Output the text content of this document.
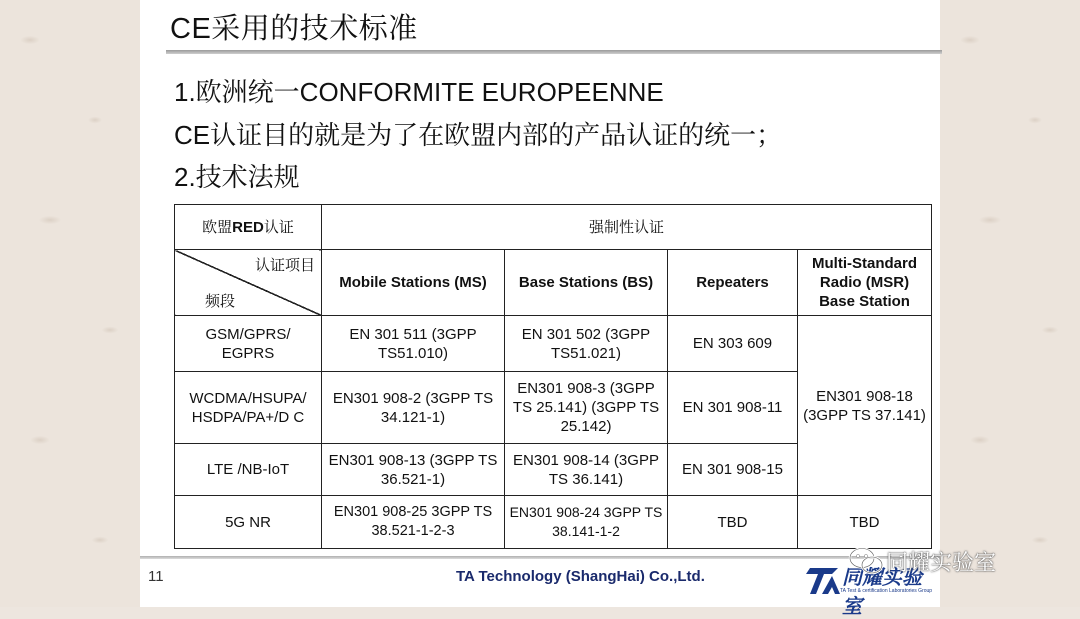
CE采用的技术标准
1.欧洲统一CONFORMITE EUROPEENNE
CE认证目的就是为了在欧盟内部的产品认证的统一；
2.技术法规
欧盟RED认证	强制性认证			

认证项目
频段	Mobile Stations (MS)	Base Stations (BS)	Repeaters	Multi-Standard Radio (MSR) Base Station
GSM/GPRS/ EGPRS	EN 301 511 (3GPP TS51.010)	EN 301 502 (3GPP TS51.021)	EN 303 609	EN301 908-18 (3GPP TS 37.141)
WCDMA/HSUPA/ HSDPA/PA+/D C	EN301 908-2 (3GPP TS 34.121-1)	EN301 908-3 (3GPP TS 25.141) (3GPP TS 25.142)	EN 301 908-11	
LTE /NB-IoT	EN301 908-13 (3GPP TS 36.521-1)	EN301 908-14 (3GPP TS 36.141)	EN 301 908-15	
5G NR	EN301 908-25 3GPP TS 38.521-1-2-3	EN301 908-24 3GPP TS 38.141-1-2	TBD	TBD
11	TA Technology (ShangHai) Co.,Ltd.	同耀实验室
TA Test & certification Laboratories Group
同耀实验室
